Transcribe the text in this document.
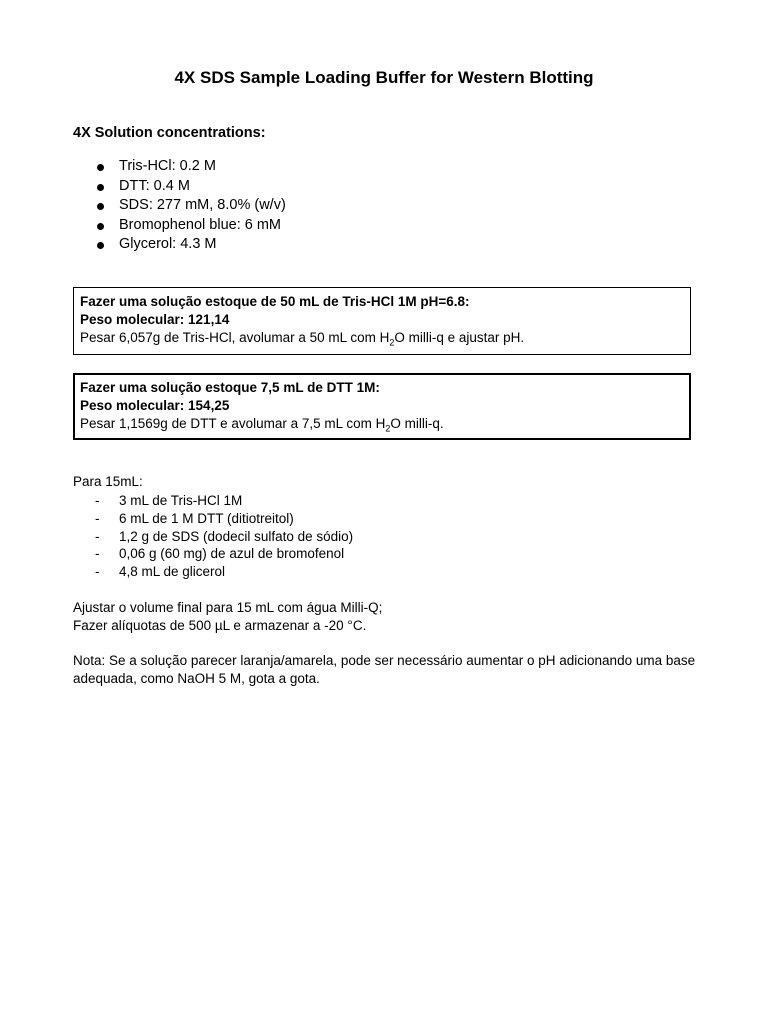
4X SDS Sample Loading Buffer for Western Blotting
4X Solution concentrations:
Tris-HCl: 0.2 M
DTT: 0.4 M
SDS: 277 mM, 8.0% (w/v)
Bromophenol blue: 6 mM
Glycerol: 4.3 M
Fazer uma solução estoque de 50 mL de Tris-HCl 1M pH=6.8:
Peso molecular: 121,14
Pesar 6,057g de Tris-HCl, avolumar a 50 mL com $H_2O$ milli-q e ajustar pH.
Fazer uma solução estoque 7,5 mL de DTT 1M:
Peso molecular: 154,25
Pesar 1,1569g de DTT e avolumar a 7,5 mL com $H_2O$ milli-q.
Para 15mL:
- 3 mL de Tris-HCl 1M
- 6 mL de 1 M DTT (ditiotreitol)
- 1,2 g de SDS (dodecil sulfato de sódio)
- 0,06 g (60 mg) de azul de bromofenol
- 4,8 mL de glicerol
Ajustar o volume final para 15 mL com água Milli-Q;
Fazer alíquotas de 500 µL e armazenar a -20 °C.
Nota: Se a solução parecer laranja/amarela, pode ser necessário aumentar o pH adicionando uma base adequada, como NaOH 5 M, gota a gota.
